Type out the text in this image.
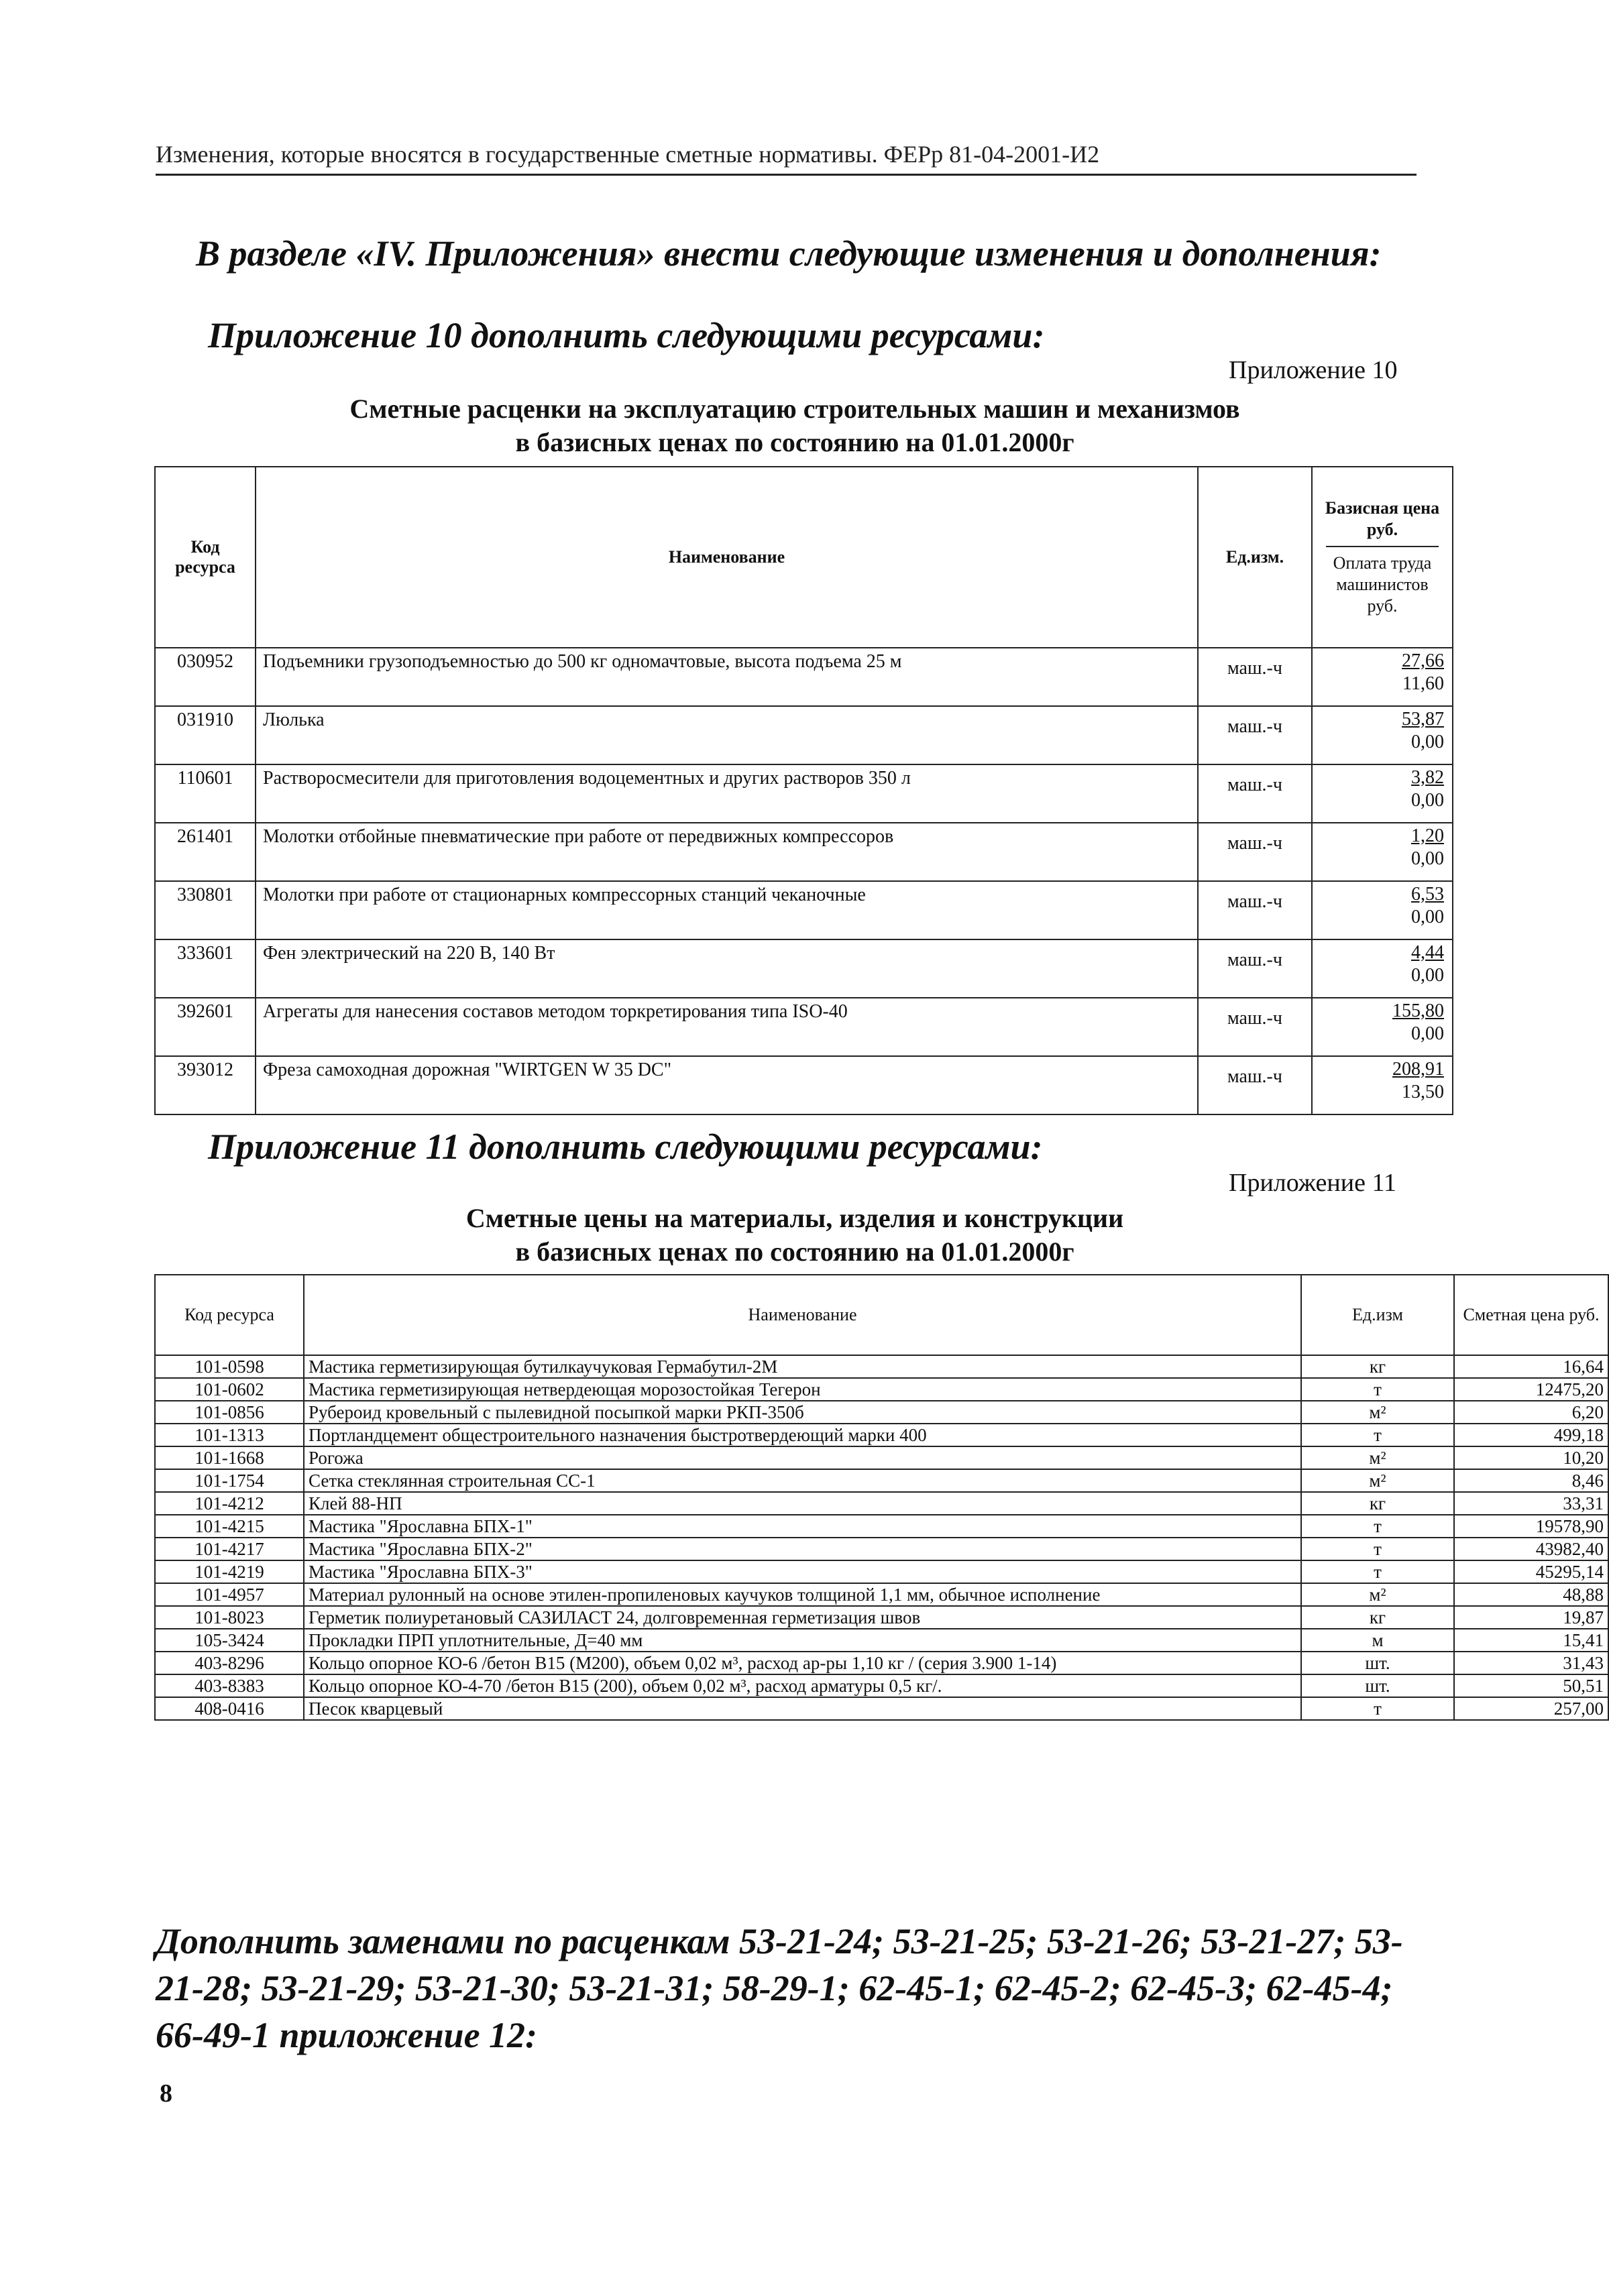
Изменения, которые вносятся в государственные сметные нормативы. ФЕРр 81-04-2001-И2
В разделе «IV. Приложения» внести следующие изменения и дополнения:
Приложение 10 дополнить следующими ресурсами:
Приложение 10
Сметные расценки на эксплуатацию строительных машин и механизмов
в базисных ценах по состоянию на 01.01.2000г
Код ресурса	Наименование	Ед.изм.	Базисная цена руб.
Оплата труда машинистов руб.

030952	Подъемники грузоподъемностью до 500 кг одномачтовые, высота подъема 25 м	маш.-ч	27,66
11,60

031910	Люлька	маш.-ч	53,87
0,00

110601	Растворосмесители для приготовления водоцементных и других растворов 350 л	маш.-ч	3,82
0,00

261401	Молотки отбойные пневматические при работе от передвижных компрессоров	маш.-ч	1,20
0,00

330801	Молотки при работе от стационарных компрессорных станций чеканочные	маш.-ч	6,53
0,00

333601	Фен электрический на 220 В, 140 Вт	маш.-ч	4,44
0,00

392601	Агрегаты для нанесения составов методом торкретирования типа ISO-40	маш.-ч	155,80
0,00

393012	Фреза самоходная дорожная "WIRTGEN W 35 DC"	маш.-ч	208,91
13,50
Приложение 11 дополнить следующими ресурсами:
Приложение 11
Сметные цены на материалы, изделия и конструкции
в базисных ценах по состоянию на 01.01.2000г
Код ресурса	Наименование	Ед.изм	Сметная цена руб.
101-0598	Мастика герметизирующая бутилкаучуковая Гермабутил-2М	кг	16,64
101-0602	Мастика герметизирующая нетвердеющая морозостойкая Тегерон	т	12475,20
101-0856	Рубероид кровельный с пылевидной посыпкой марки РКП-350б	м²	6,20
101-1313	Портландцемент общестроительного назначения быстротвердеющий марки 400	т	499,18
101-1668	Рогожа	м²	10,20
101-1754	Сетка стеклянная строительная СС-1	м²	8,46
101-4212	Клей 88-НП	кг	33,31
101-4215	Мастика "Ярославна БПХ-1"	т	19578,90
101-4217	Мастика "Ярославна БПХ-2"	т	43982,40
101-4219	Мастика "Ярославна БПХ-3"	т	45295,14
101-4957	Материал рулонный на основе этилен-пропиленовых каучуков толщиной 1,1 мм, обычное исполнение	м²	48,88
101-8023	Герметик полиуретановый САЗИЛАСТ 24, долговременная герметизация швов	кг	19,87
105-3424	Прокладки ПРП уплотнительные, Д=40 мм	м	15,41
403-8296	Кольцо опорное КО-6 /бетон В15 (М200), объем 0,02 м³, расход ар-ры 1,10 кг / (серия 3.900 1-14)	шт.	31,43
403-8383	Кольцо опорное КО-4-70 /бетон В15 (200), объем 0,02 м³, расход арматуры 0,5 кг/.	шт.	50,51
408-0416	Песок кварцевый	т	257,00
Дополнить заменами по расценкам 53-21-24; 53-21-25; 53-21-26; 53-21-27; 53-21-28; 53-21-29; 53-21-30; 53-21-31; 58-29-1; 62-45-1; 62-45-2; 62-45-3; 62-45-4; 66-49-1 приложение 12:
8
